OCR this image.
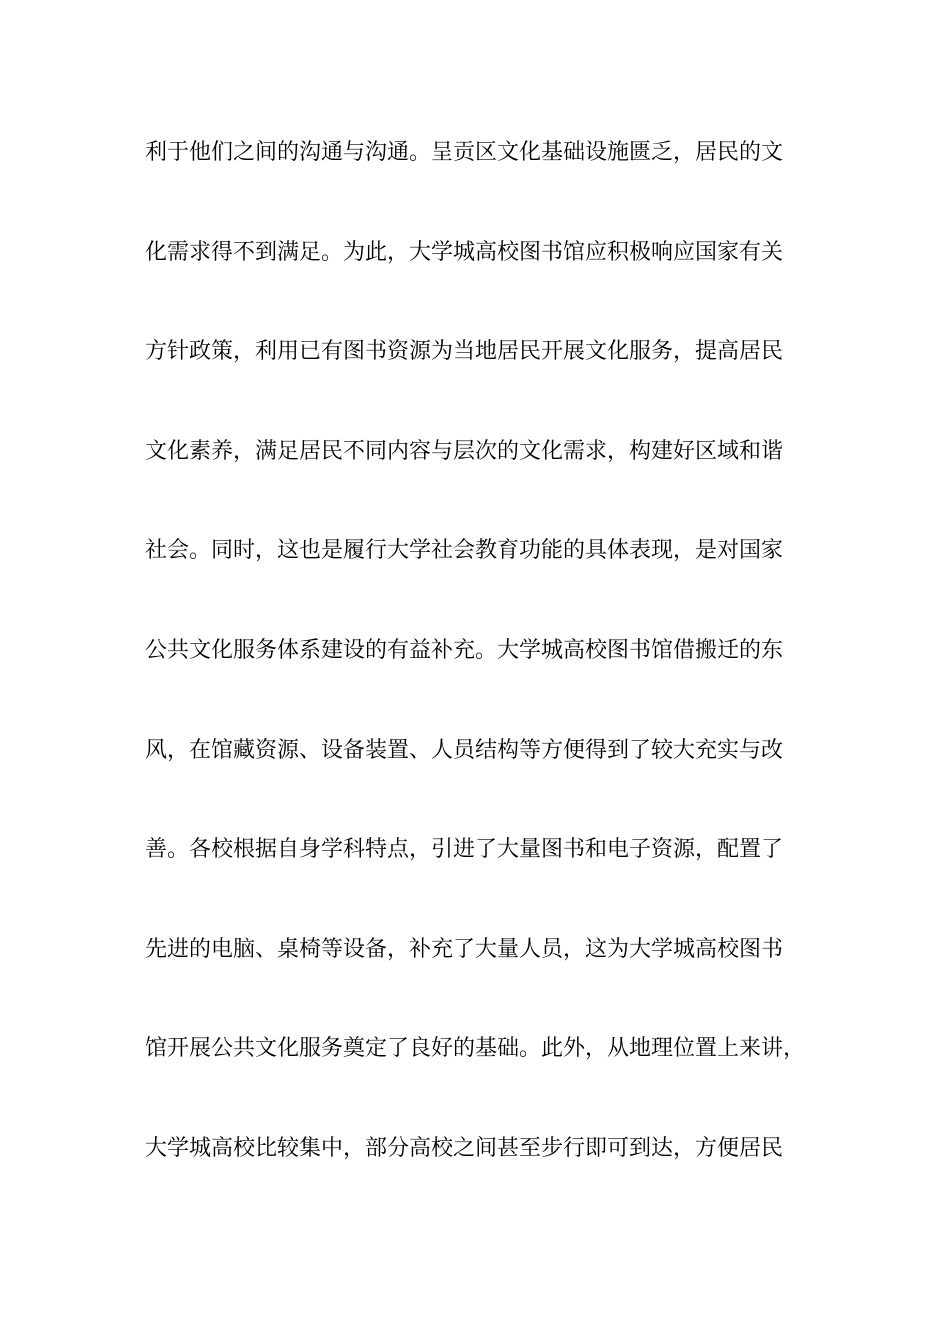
利于他们之间的沟通与沟通。呈贡区文化基础设施匮乏，居民的文
化需求得不到满足。为此，大学城高校图书馆应积极响应国家有关
方针政策，利用已有图书资源为当地居民开展文化服务，提高居民
文化素养，满足居民不同内容与层次的文化需求，构建好区域和谐
社会。同时，这也是履行大学社会教育功能的具体表现，是对国家
公共文化服务体系建设的有益补充。大学城高校图书馆借搬迁的东
风，在馆藏资源、设备装置、人员结构等方便得到了较大充实与改
善。各校根据自身学科特点，引进了大量图书和电子资源，配置了
先进的电脑、桌椅等设备，补充了大量人员，这为大学城高校图书
馆开展公共文化服务奠定了良好的基础。此外，从地理位置上来讲，
大学城高校比较集中，部分高校之间甚至步行即可到达，方便居民
